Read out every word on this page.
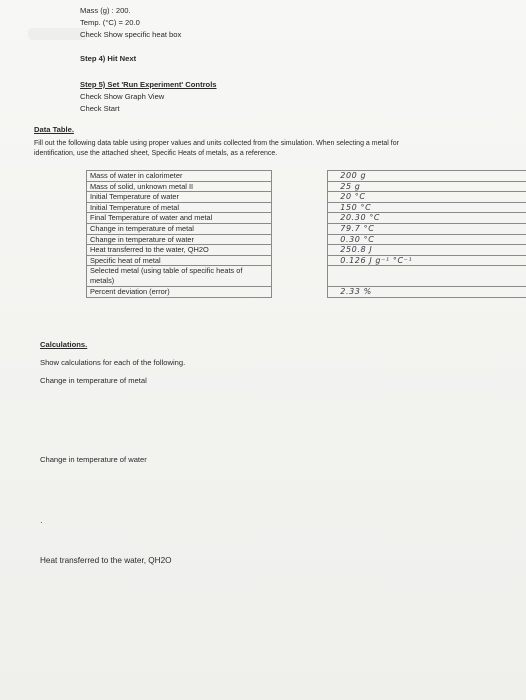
Mass (g) : 200.
Temp. (°C) = 20.0
Check Show specific heat box
Step 4) Hit Next
Step 5) Set 'Run Experiment' Controls
Check Show Graph View
Check Start
Data Table.
Fill out the following data table using proper values and units collected from the simulation. When selecting a metal for
identification, use the attached sheet, Specific Heats of metals, as a reference.
Mass of water in calorimeter		200 g
Mass of solid, unknown metal II		25 g
Initial Temperature of water		20 °C
Initial Temperature of metal		150 °C
Final Temperature of water and metal		20.30 °C
Change in temperature of metal		79.7 °C
Change in temperature of water		0.30 °C
Heat transferred to the water, QH2O		250.8 J
Specific heat of metal		0.126 J g⁻¹ °C⁻¹
Selected metal (using table of specific heats of
metals)		
Percent deviation (error)		2.33 %
Calculations.
Show calculations for each of the following.
Change in temperature of metal
Change in temperature of water
·
Heat transferred to the water, QH2O
